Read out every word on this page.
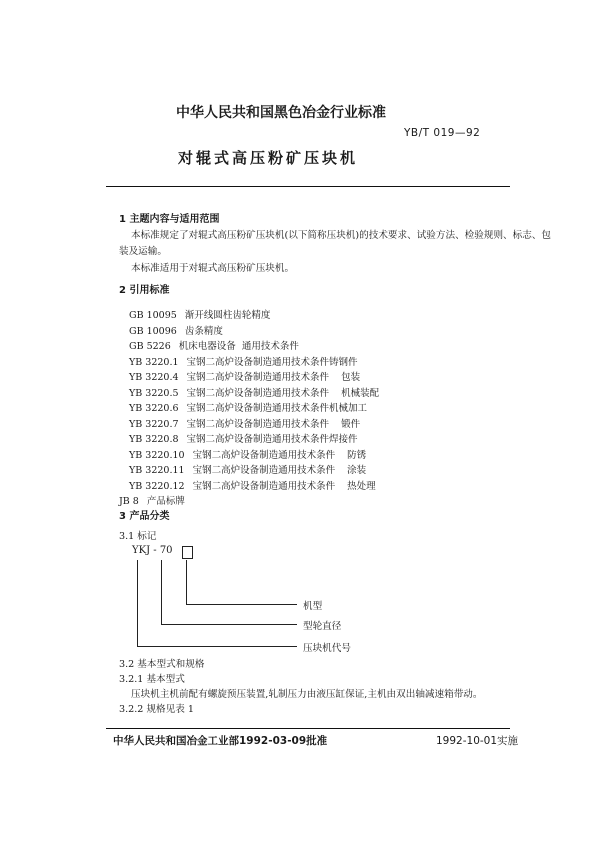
中华人民共和国黑色冶金行业标准
YB/T 019—92
对辊式高压粉矿压块机
1 主题内容与适用范围
本标准规定了对辊式高压粉矿压块机(以下简称压块机)的技术要求、试验方法、检验规则、标志、包
装及运输。
本标准适用于对辊式高压粉矿压块机。
2 引用标准
GB 10095 渐开线圆柱齿轮精度
GB 10096 齿条精度
GB 5226 机床电器设备  通用技术条件
YB 3220.1 宝钢二高炉设备制造通用技术条件铸钢件
YB 3220.4 宝钢二高炉设备制造通用技术条件    包装
YB 3220.5 宝钢二高炉设备制造通用技术条件    机械装配
YB 3220.6 宝钢二高炉设备制造通用技术条件机械加工
YB 3220.7 宝钢二高炉设备制造通用技术条件    锻件
YB 3220.8 宝钢二高炉设备制造通用技术条件焊接件
YB 3220.10 宝钢二高炉设备制造通用技术条件    防锈
YB 3220.11 宝钢二高炉设备制造通用技术条件    涂装
YB 3220.12 宝钢二高炉设备制造通用技术条件    热处理
JB 8 产品标牌
3 产品分类
3.1 标记
YKJ - 70
机型
型轮直径
压块机代号
3.2 基本型式和规格
3.2.1 基本型式
压块机主机前配有螺旋预压装置,轧制压力由液压缸保证,主机由双出轴减速箱带动。
3.2.2 规格见表 1
中华人民共和国冶金工业部1992-03-09批准	1992-10-01实施
